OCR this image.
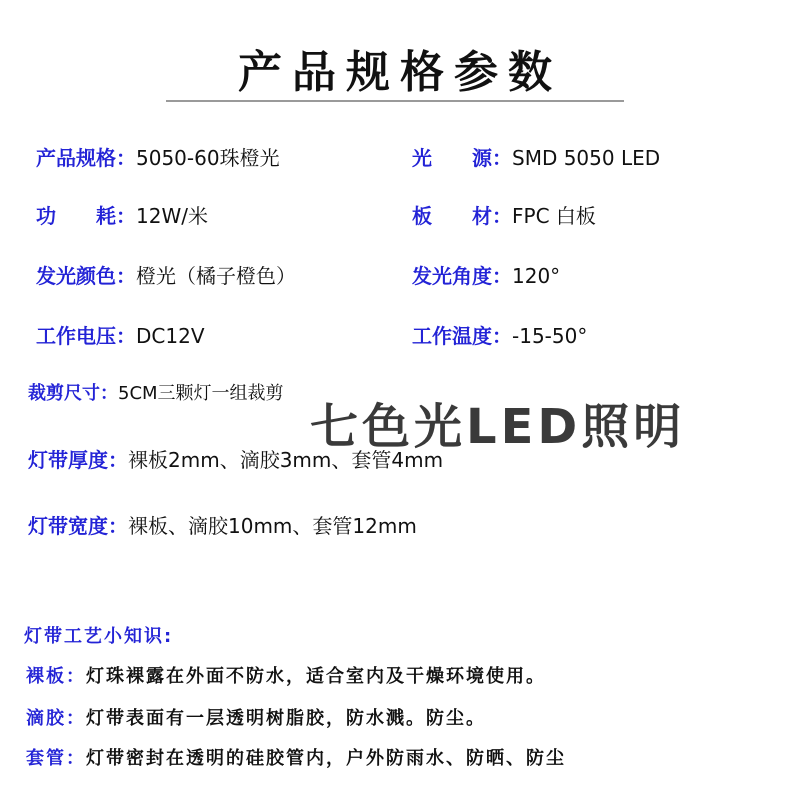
产品规格参数
产品规格：5050-60珠橙光	光　　源：SMD 5050 LED
功　　耗：12W/米	板　　材：FPC 白板
发光颜色：橙光（橘子橙色）	发光角度：120°
工作电压：DC12V	工作温度：-15-50°
裁剪尺寸：5CM三颗灯一组裁剪
七色光LED照明
灯带厚度：裸板2mm、滴胶3mm、套管4mm
灯带宽度：裸板、滴胶10mm、套管12mm
灯带工艺小知识:
裸板：灯珠裸露在外面不防水，适合室内及干燥环境使用。
滴胶：灯带表面有一层透明树脂胶，防水溅。防尘。
套管：灯带密封在透明的硅胶管内，户外防雨水、防晒、防尘
